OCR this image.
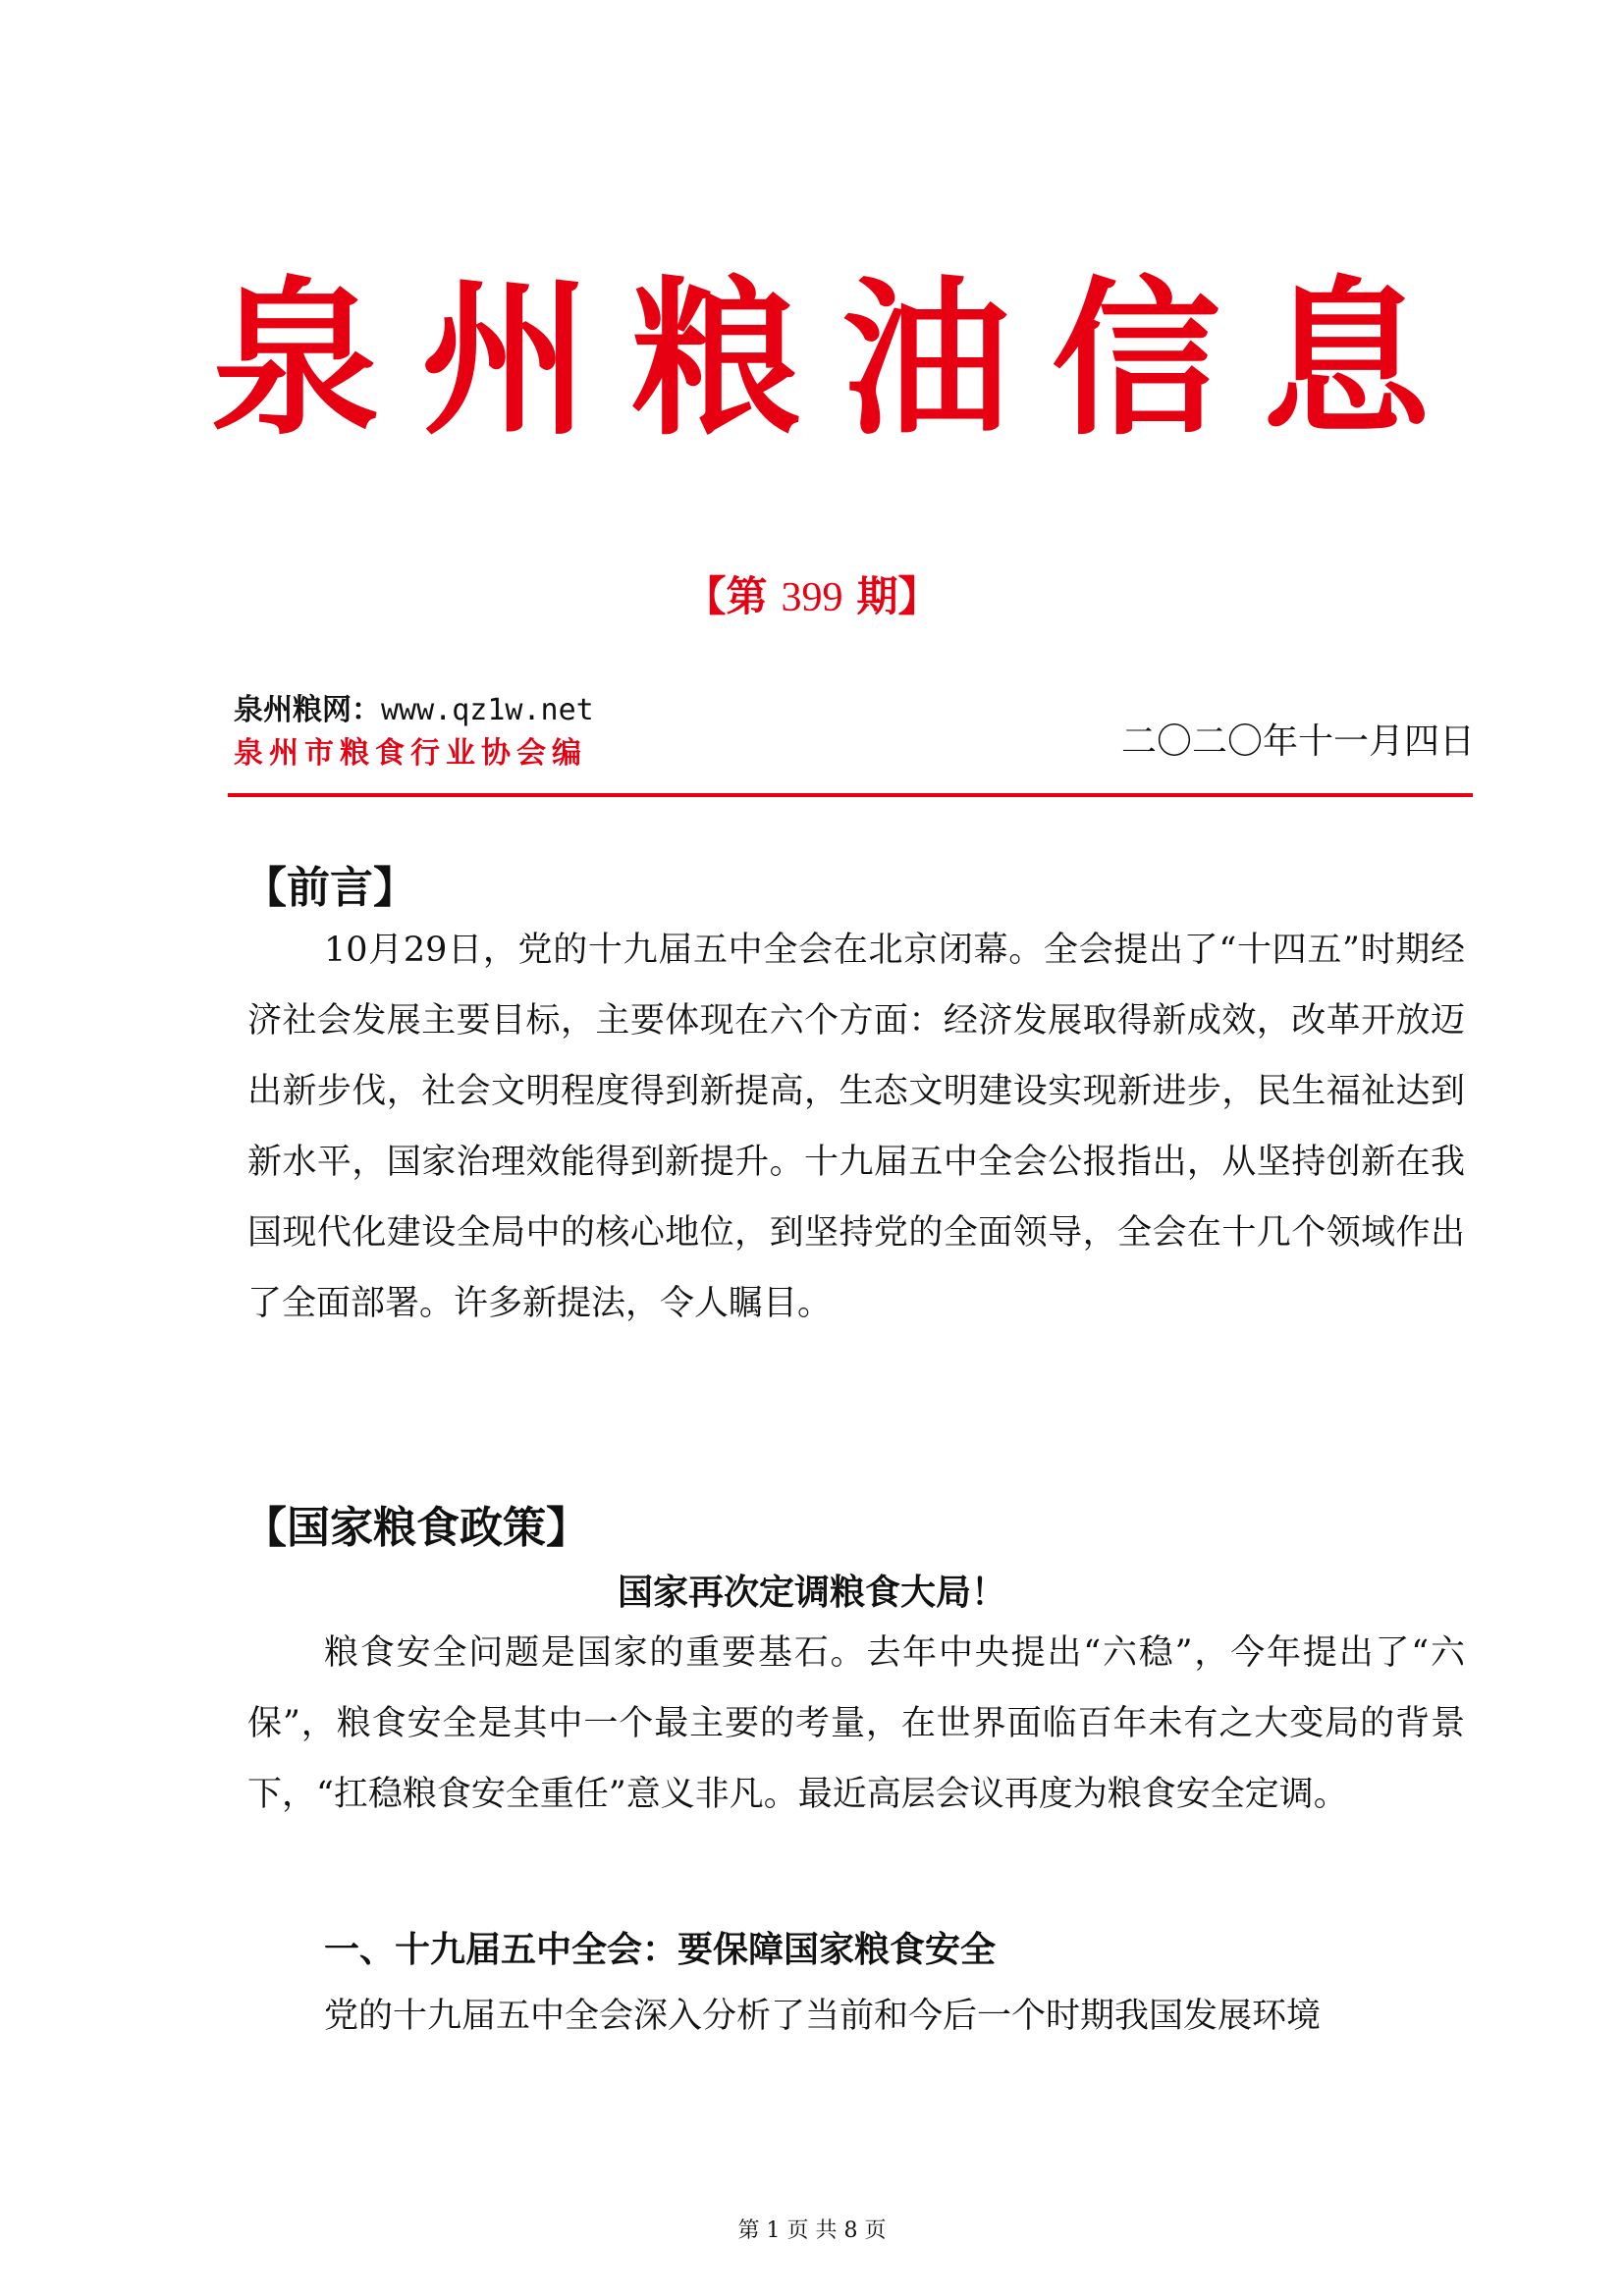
泉州粮油信息
【第 399 期】
泉州粮网：www.qz1w.net
泉州市粮食行业协会编	二〇二〇年十一月四日
【前言】

10月29日，党的十九届五中全会在北京闭幕。全会提出了“十四五”时期经济社会发展主要目标，主要体现在六个方面：经济发展取得新成效，改革开放迈出新步伐，社会文明程度得到新提高，生态文明建设实现新进步，民生福祉达到新水平，国家治理效能得到新提升。十九届五中全会公报指出，从坚持创新在我国现代化建设全局中的核心地位，到坚持党的全面领导，全会在十几个领域作出了全面部署。许多新提法，令人瞩目。

【国家粮食政策】
国家再次定调粮食大局！

粮食安全问题是国家的重要基石。去年中央提出“六稳”，今年提出了“六保”，粮食安全是其中一个最主要的考量，在世界面临百年未有之大变局的背景下，“扛稳粮食安全重任”意义非凡。最近高层会议再度为粮食安全定调。

一、十九届五中全会：要保障国家粮食安全

党的十九届五中全会深入分析了当前和今后一个时期我国发展环境

第 1 页 共 8 页
